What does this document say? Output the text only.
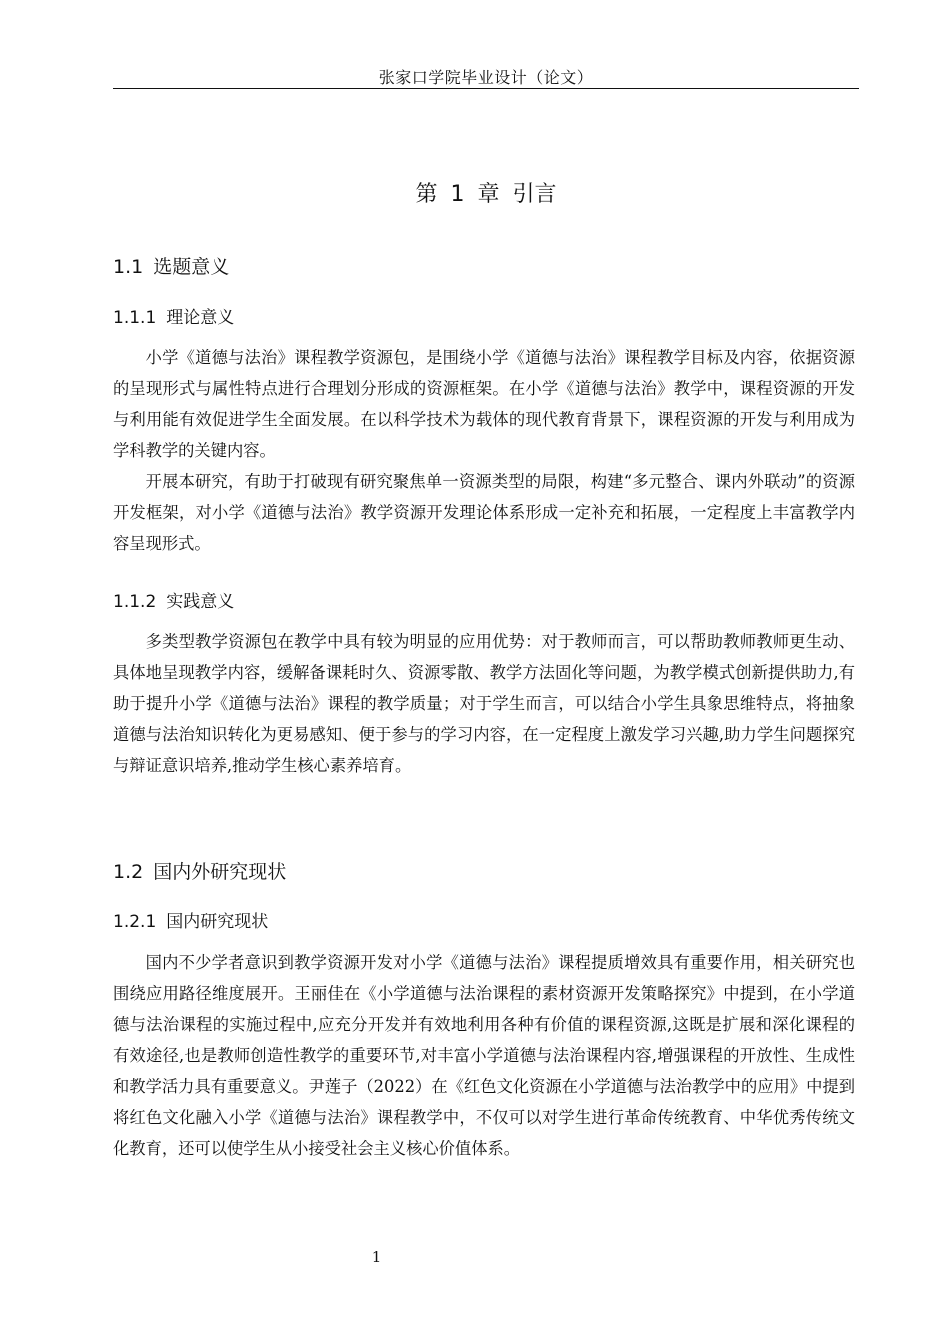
张家口学院毕业设计（论文）
第 1 章 引言
1.1 选题意义
1.1.1 理论意义

小学《道德与法治》课程教学资源包，是围绕小学《道德与法治》课程教学目标及内容，依据资源的呈现形式与属性特点进行合理划分形成的资源框架。在小学《道德与法治》教学中，课程资源的开发与利用能有效促进学生全面发展。在以科学技术为载体的现代教育背景下，课程资源的开发与利用成为学科教学的关键内容。

开展本研究，有助于打破现有研究聚焦单一资源类型的局限，构建“多元整合、课内外联动”的资源开发框架，对小学《道德与法治》教学资源开发理论体系形成一定补充和拓展，一定程度上丰富教学内容呈现形式。

1.1.2 实践意义

多类型教学资源包在教学中具有较为明显的应用优势：对于教师而言，可以帮助教师教师更生动、具体地呈现教学内容，缓解备课耗时久、资源零散、教学方法固化等问题，为教学模式创新提供助力,有助于提升小学《道德与法治》课程的教学质量；对于学生而言，可以结合小学生具象思维特点，将抽象道德与法治知识转化为更易感知、便于参与的学习内容，在一定程度上激发学习兴趣,助力学生问题探究与辩证意识培养,推动学生核心素养培育。

1.2 国内外研究现状
1.2.1 国内研究现状

国内不少学者意识到教学资源开发对小学《道德与法治》课程提质增效具有重要作用，相关研究也围绕应用路径维度展开。王丽佳在《小学道德与法治课程的素材资源开发策略探究》中提到，在小学道德与法治课程的实施过程中,应充分开发并有效地利用各种有价值的课程资源,这既是扩展和深化课程的有效途径,也是教师创造性教学的重要环节,对丰富小学道德与法治课程内容,增强课程的开放性、生成性和教学活力具有重要意义。尹莲子（2022）在《红色文化资源在小学道德与法治教学中的应用》中提到将红色文化融入小学《道德与法治》课程教学中，不仅可以对学生进行革命传统教育、中华优秀传统文化教育，还可以使学生从小接受社会主义核心价值体系。

1
